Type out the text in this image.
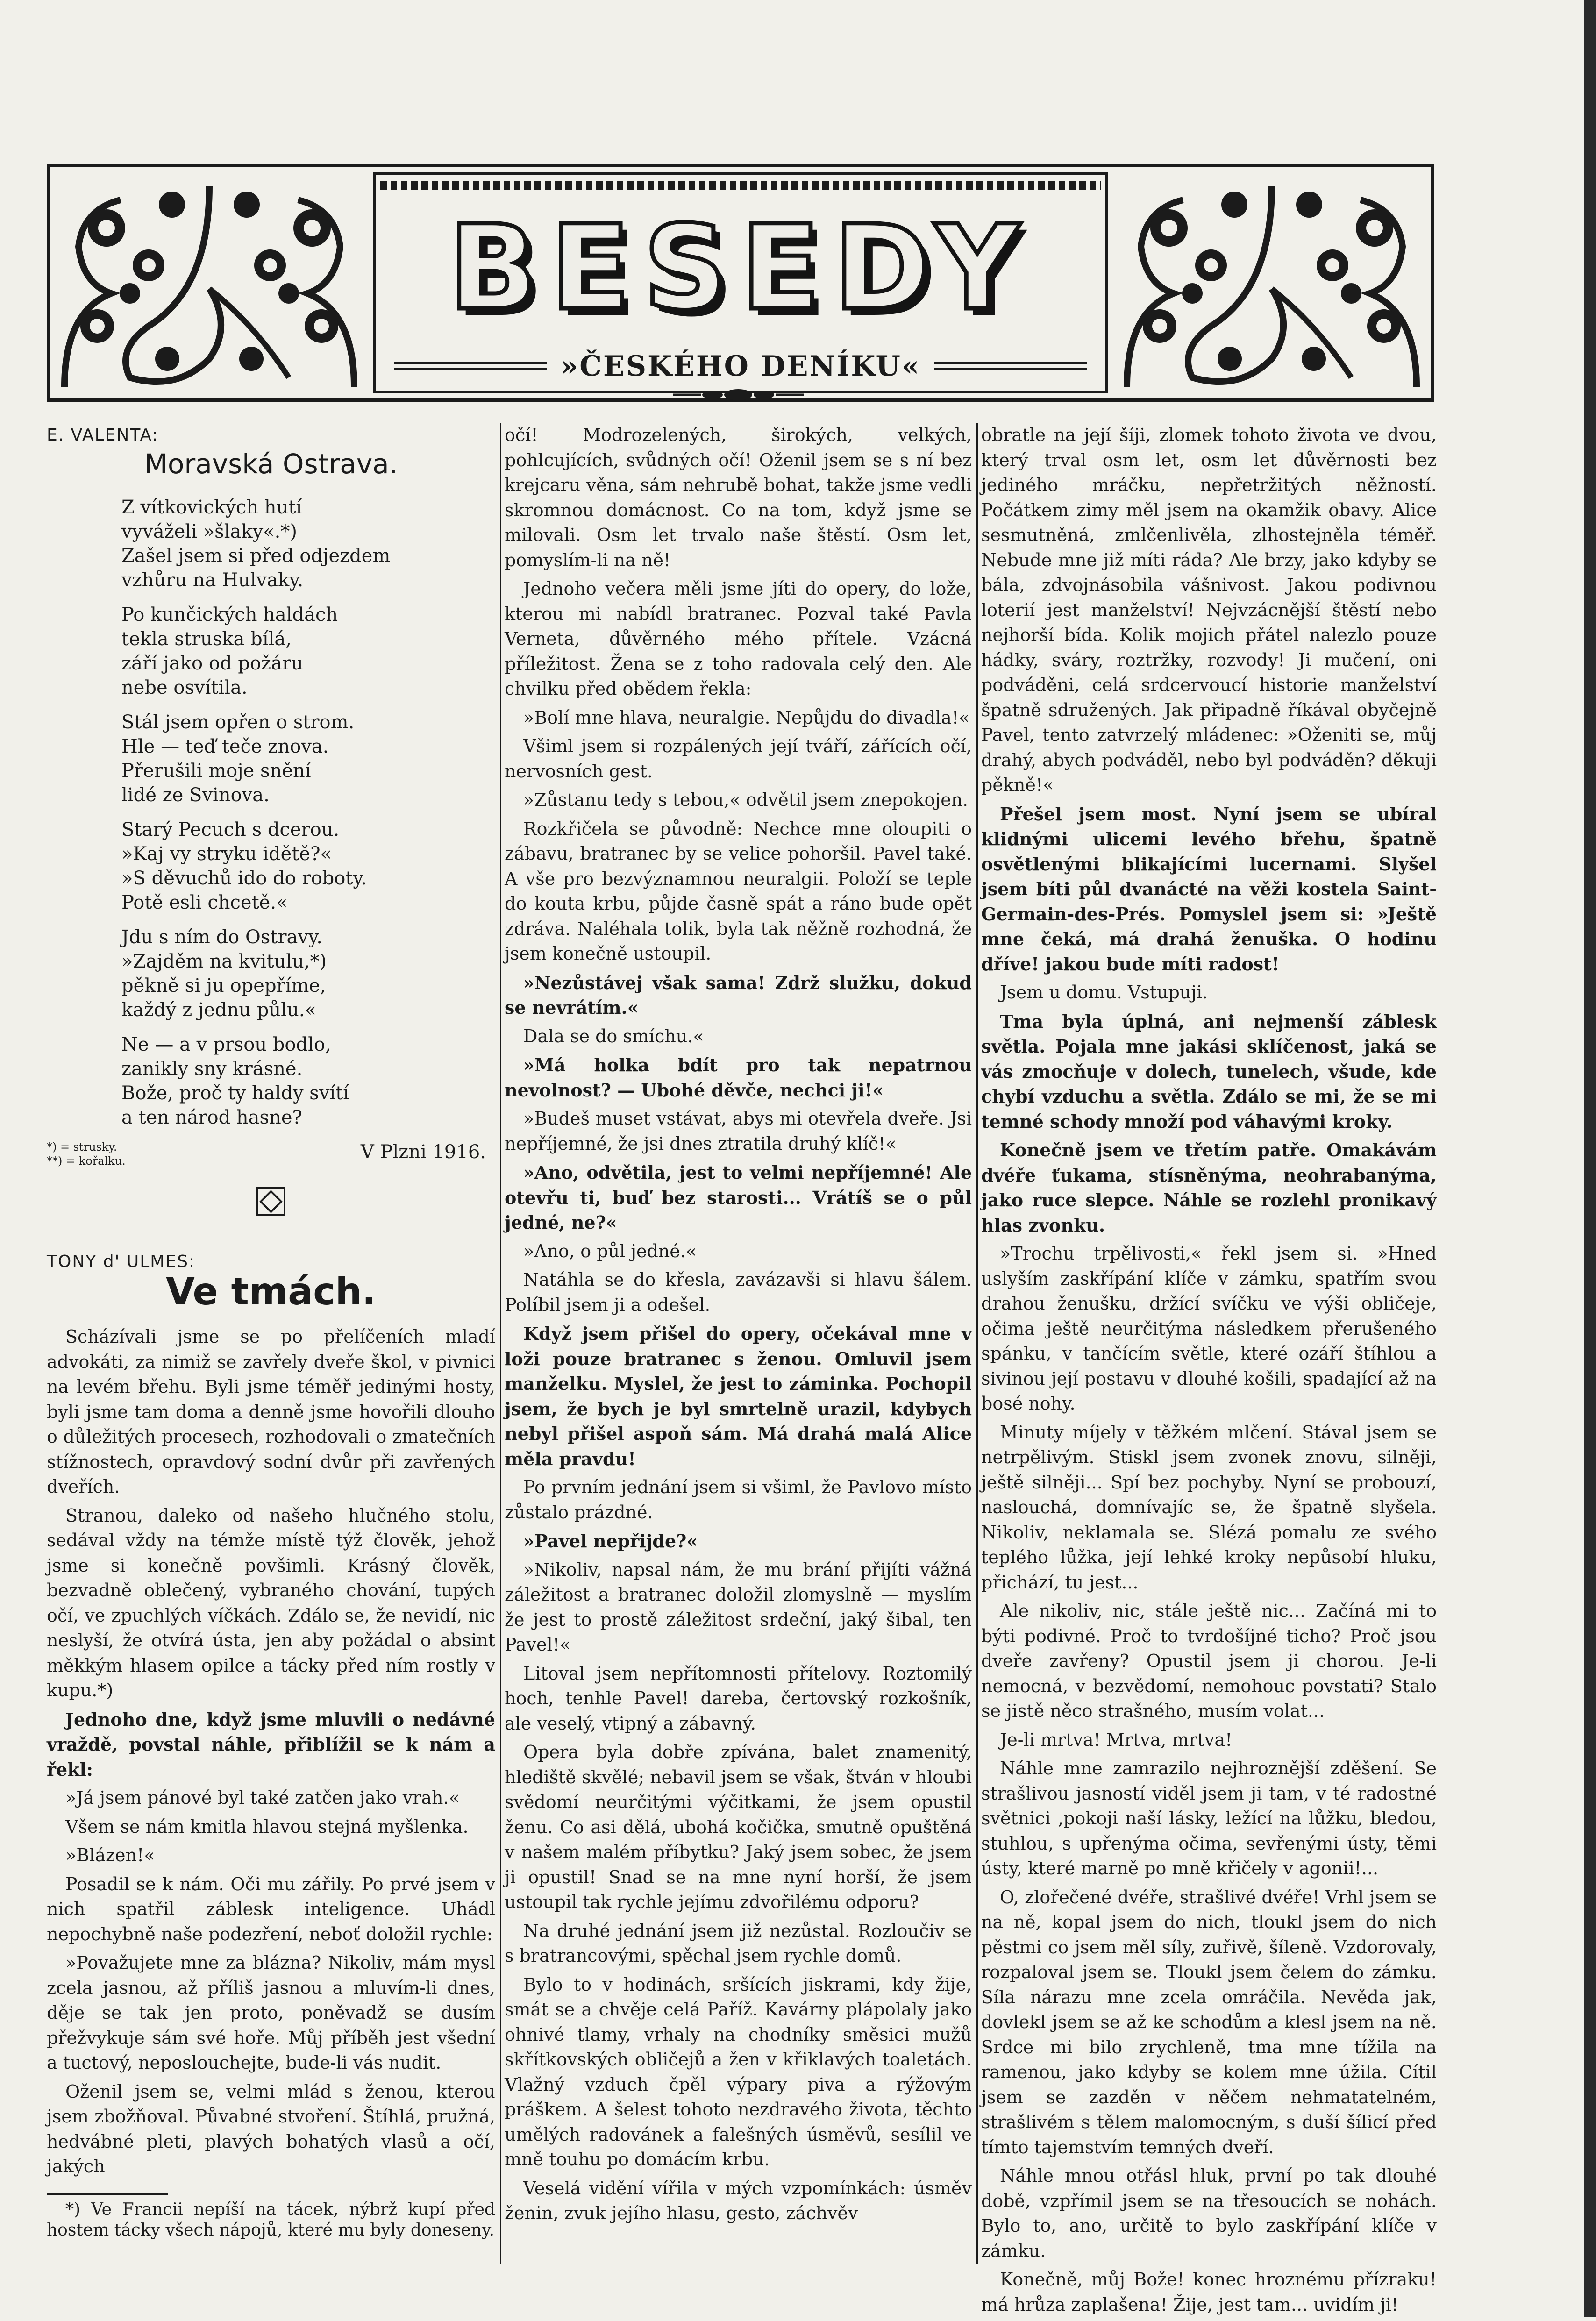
BESEDY
»ČESKÉHO DENÍKU«
E. VALENTA:
Moravská Ostrava.
Z vítkovických hutí
vyváželi »šlaky«.*)
Zašel jsem si před odjezdem
vzhůru na Hulvaky.
Po kunčických haldách
tekla struska bílá,
září jako od požáru
nebe osvítila.
Stál jsem opřen o strom.
Hle — teď teče znova.
Přerušili moje snění
lidé ze Svinova.
Starý Pecuch s dcerou.
»Kaj vy stryku idětě?«
»S děvuchů ido do roboty.
Potě esli chcetě.«
Jdu s ním do Ostravy.
»Zajděm na kvitulu,*)
pěkně si ju opepříme,
každý z jednu půlu.«
Ne — a v prsou bodlo,
zanikly sny krásné.
Bože, proč ty haldy svítí
a ten národ hasne?
*) = strusky.
**) = kořalku.	V Plzni 1916.
TONY d' ULMES:
Ve tmách.

Scházívali jsme se po přelíčeních mladí advokáti, za nimiž se zavřely dveře škol, v pivnici na levém břehu. Byli jsme téměř jedinými hosty, byli jsme tam doma a denně jsme hovořili dlouho o důležitých procesech, rozhodovali o zmatečních stížnostech, opravdový sodní dvůr při zavřených dveřích.

Stranou, daleko od našeho hlučného stolu, sedával vždy na témže místě týž člověk, jehož jsme si konečně povšimli. Krásný člověk, bezvadně oblečený, vybraného chování, tupých očí, ve zpuchlých víčkách. Zdálo se, že nevidí, nic neslyší, že otvírá ústa, jen aby požádal o absint měkkým hlasem opilce a tácky před ním rostly v kupu.*)

Jednoho dne, když jsme mluvili o nedávné vraždě, povstal náhle, přiblížil se k nám a řekl:

»Já jsem pánové byl také zatčen jako vrah.«

Všem se nám kmitla hlavou stejná myšlenka.

»Blázen!«

Posadil se k nám. Oči mu zářily. Po prvé jsem v nich spatřil záblesk inteligence. Uhádl nepochybně naše podezření, neboť doložil rychle:

»Považujete mne za blázna? Nikoliv, mám mysl zcela jasnou, až příliš jasnou a mluvím-li dnes, děje se tak jen proto, poněvadž se dusím přežvykuje sám své hoře. Můj příběh jest všední a tuctový, neposlouchejte, bude-li vás nudit.

Oženil jsem se, velmi mlád s ženou, kterou jsem zbožňoval. Půvabné stvoření. Štíhlá, pružná, hedvábné pleti, plavých bohatých vlasů a očí, jakých

*) Ve Francii nepíší na tácek, nýbrž kupí před hostem tácky všech nápojů, které mu byly doneseny.

očí! Modrozelených, širokých, velkých, pohlcujících, svůdných očí! Oženil jsem se s ní bez krejcaru věna, sám nehrubě bohat, takže jsme vedli skromnou domácnost. Co na tom, když jsme se milovali. Osm let trvalo naše štěstí. Osm let, pomyslím-li na ně!

Jednoho večera měli jsme jíti do opery, do lože, kterou mi nabídl bratranec. Pozval také Pavla Verneta, důvěrného mého přítele. Vzácná příležitost. Žena se z toho radovala celý den. Ale chvilku před obědem řekla:

»Bolí mne hlava, neuralgie. Nepůjdu do divadla!«

Všiml jsem si rozpálených její tváří, zářících očí, nervosních gest.

»Zůstanu tedy s tebou,« odvětil jsem znepokojen.

Rozkřičela se původně: Nechce mne oloupiti o zábavu, bratranec by se velice pohoršil. Pavel také. A vše pro bezvýznamnou neuralgii. Položí se teple do kouta krbu, půjde časně spát a ráno bude opět zdráva. Naléhala tolik, byla tak něžně rozhodná, že jsem konečně ustoupil.

»Nezůstávej však sama! Zdrž služku, dokud se nevrátím.«

Dala se do smíchu.«

»Má holka bdít pro tak nepatrnou nevolnost? — Ubohé děvče, nechci ji!«

»Budeš muset vstávat, abys mi otevřela dveře. Jsi nepříjemné, že jsi dnes ztratila druhý klíč!«

»Ano, odvětila, jest to velmi nepříjemné! Ale otevřu ti, buď bez starosti... Vrátíš se o půl jedné, ne?«

»Ano, o půl jedné.«

Natáhla se do křesla, zavázavši si hlavu šálem. Políbil jsem ji a odešel.

Když jsem přišel do opery, očekával mne v loži pouze bratranec s ženou. Omluvil jsem manželku. Myslel, že jest to záminka. Pochopil jsem, že bych je byl smrtelně urazil, kdybych nebyl přišel aspoň sám. Má drahá malá Alice měla pravdu!

Po prvním jednání jsem si všiml, že Pavlovo místo zůstalo prázdné.

»Pavel nepřijde?«

»Nikoliv, napsal nám, že mu brání přijíti vážná záležitost a bratranec doložil zlomyslně — myslím že jest to prostě záležitost srdeční, jaký šibal, ten Pavel!«

Litoval jsem nepřítomnosti přítelovy. Roztomilý hoch, tenhle Pavel! dareba, čertovský rozkošník, ale veselý, vtipný a zábavný.

Opera byla dobře zpívána, balet znamenitý, hlediště skvělé; nebavil jsem se však, štván v hloubi svědomí neurčitými výčitkami, že jsem opustil ženu. Co asi dělá, ubohá kočička, smutně opuštěná v našem malém příbytku? Jaký jsem sobec, že jsem ji opustil! Snad se na mne nyní horší, že jsem ustoupil tak rychle jejímu zdvořilému odporu?

Na druhé jednání jsem již nezůstal. Rozloučiv se s bratrancovými, spěchal jsem rychle domů.

Bylo to v hodinách, sršících jiskrami, kdy žije, smát se a chvěje celá Paříž. Kavárny plápolaly jako ohnivé tlamy, vrhaly na chodníky směsici mužů skřítkovských obličejů a žen v křiklavých toaletách. Vlažný vzduch čpěl výpary piva a rýžovým práškem. A šelest tohoto nezdravého života, těchto umělých radovánek a falešných úsměvů, sesílil ve mně touhu po domácím krbu.

Veselá vidění vířila v mých vzpomínkách: úsměv ženin, zvuk jejího hlasu, gesto, záchvěv

obratle na její šíji, zlomek tohoto života ve dvou, který trval osm let, osm let důvěrnosti bez jediného mráčku, nepřetržitých něžností. Počátkem zimy měl jsem na okamžik obavy. Alice sesmutněná, zmlčenlivěla, zlhostejněla téměř. Nebude mne již míti ráda? Ale brzy, jako kdyby se bála, zdvojnásobila vášnivost. Jakou podivnou loterií jest manželství! Nejvzácnější štěstí nebo nejhorší bída. Kolik mojich přátel nalezlo pouze hádky, sváry, roztržky, rozvody! Ji mučení, oni podváděni, celá srdcervoucí historie manželství špatně sdružených. Jak připadně říkával obyčejně Pavel, tento zatvrzelý mládenec: »Oženiti se, můj drahý, abych podváděl, nebo byl podváděn? děkuji pěkně!«

Přešel jsem most. Nyní jsem se ubíral klidnými ulicemi levého břehu, špatně osvětlenými blikajícími lucernami. Slyšel jsem bíti půl dvanácté na věži kostela Saint-Germain-des-Prés. Pomyslel jsem si: »Ještě mne čeká, má drahá ženuška. O hodinu dříve! jakou bude míti radost!

Jsem u domu. Vstupuji.

Tma byla úplná, ani nejmenší záblesk světla. Pojala mne jakási sklíčenost, jaká se vás zmocňuje v dolech, tunelech, všude, kde chybí vzduchu a světla. Zdálo se mi, že se mi temné schody množí pod váhavými kroky.

Konečně jsem ve třetím patře. Omakávám dvéře ťukama, stísněnýma, neohrabanýma, jako ruce slepce. Náhle se rozlehl pronikavý hlas zvonku.

»Trochu trpělivosti,« řekl jsem si. »Hned uslyším zaskřípání klíče v zámku, spatřím svou drahou ženušku, držící svíčku ve výši obličeje, očima ještě neurčitýma následkem přerušeného spánku, v tančícím světle, které ozáří štíhlou a sivinou její postavu v dlouhé košili, spadající až na bosé nohy.

Minuty míjely v těžkém mlčení. Stával jsem se netrpělivým. Stiskl jsem zvonek znovu, silněji, ještě silněji... Spí bez pochyby. Nyní se probouzí, naslouchá, domnívajíc se, že špatně slyšela. Nikoliv, neklamala se. Slézá pomalu ze svého teplého lůžka, její lehké kroky nepůsobí hluku, přichází, tu jest...

Ale nikoliv, nic, stále ještě nic... Začíná mi to býti podivné. Proč to tvrdošíjné ticho? Proč jsou dveře zavřeny? Opustil jsem ji chorou. Je-li nemocná, v bezvědomí, nemohouc povstati? Stalo se jistě něco strašného, musím volat...

Je-li mrtva! Mrtva, mrtva!

Náhle mne zamrazilo nejhroznější zděšení. Se strašlivou jasností viděl jsem ji tam, v té radostné světnici ‚pokoji naší lásky, ležící na lůžku, bledou, stuhlou, s upřenýma očima, sevřenými ústy, těmi ústy, které marně po mně křičely v agonii!...

O, zlořečené dvéře, strašlivé dvéře! Vrhl jsem se na ně, kopal jsem do nich, tloukl jsem do nich pěstmi co jsem měl síly, zuřivě, šíleně. Vzdorovaly, rozpaloval jsem se. Tloukl jsem čelem do zámku. Síla nárazu mne zcela omráčila. Nevěda jak, dovlekl jsem se až ke schodům a klesl jsem na ně. Srdce mi bilo zrychleně, tma mne tížila na ramenou, jako kdyby se kolem mne úžila. Cítil jsem se zazděn v něčem nehmatatelném, strašlivém s tělem malomocným, s duší šílicí před tímto tajemstvím temných dveří.

Náhle mnou otřásl hluk, první po tak dlouhé době, vzpřímil jsem se na třesoucích se nohách. Bylo to, ano, určitě to bylo zaskřípání klíče v zámku.

Konečně, můj Bože! konec hroznému přízraku! má hrůza zaplašena! Žije, jest tam... uvidím ji!
